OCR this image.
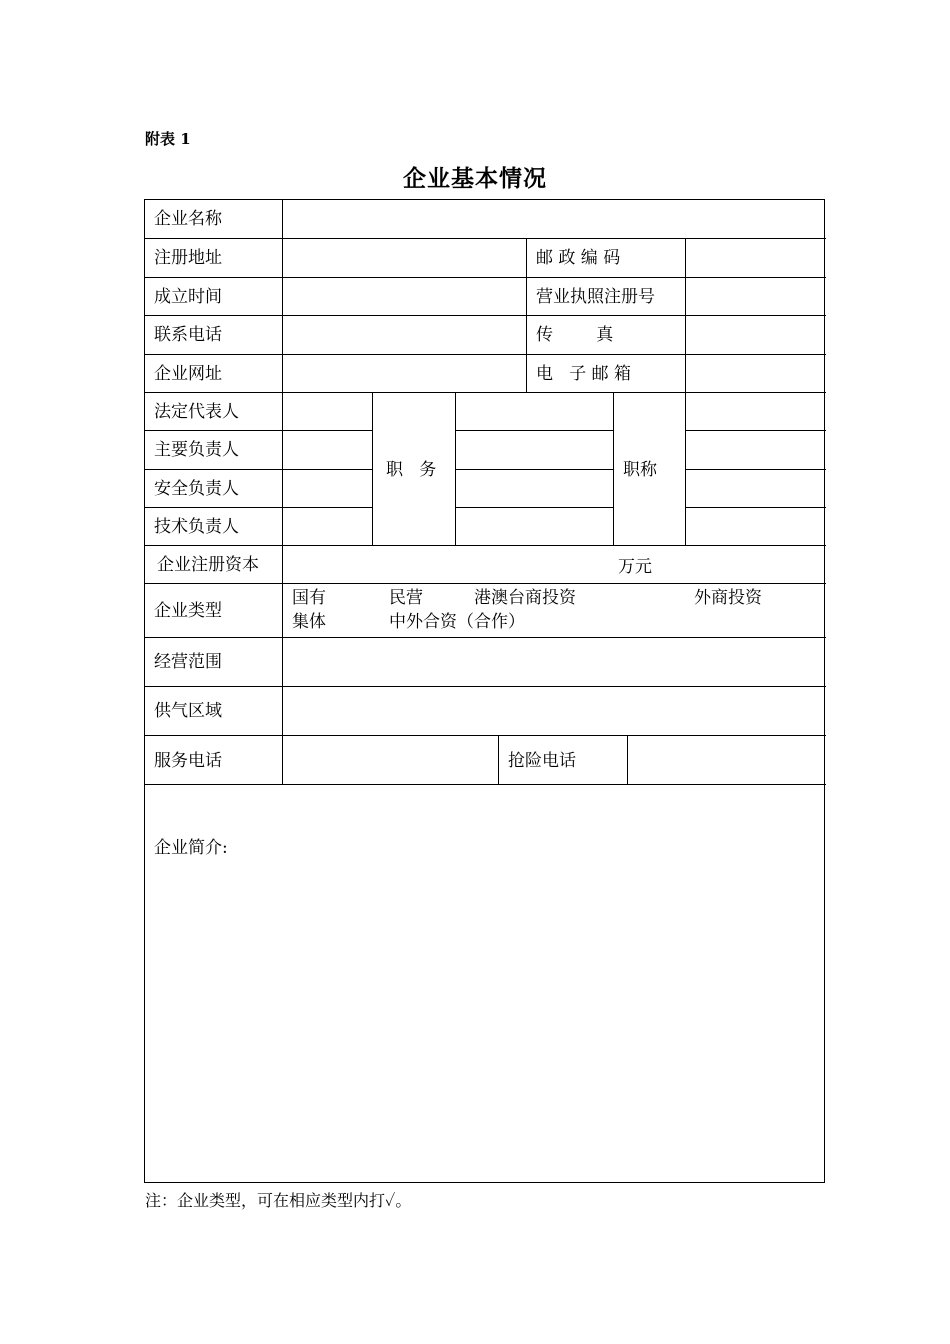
附表 1
企业基本情况
企业名称
注册地址	邮 政 编 码
成立时间	营业执照注册号
联系电话	传        真
企业网址	电   子 邮 箱
法定代表人
主要负责人
安全负责人
技术负责人
职   务	职称
企业注册资本	万元
企业类型
国有	民营	港澳台商投资	外商投资
集体	中外合资（合作）
经营范围
供气区域
服务电话	抢险电话
企业简介:
注：企业类型，可在相应类型内打✓。
